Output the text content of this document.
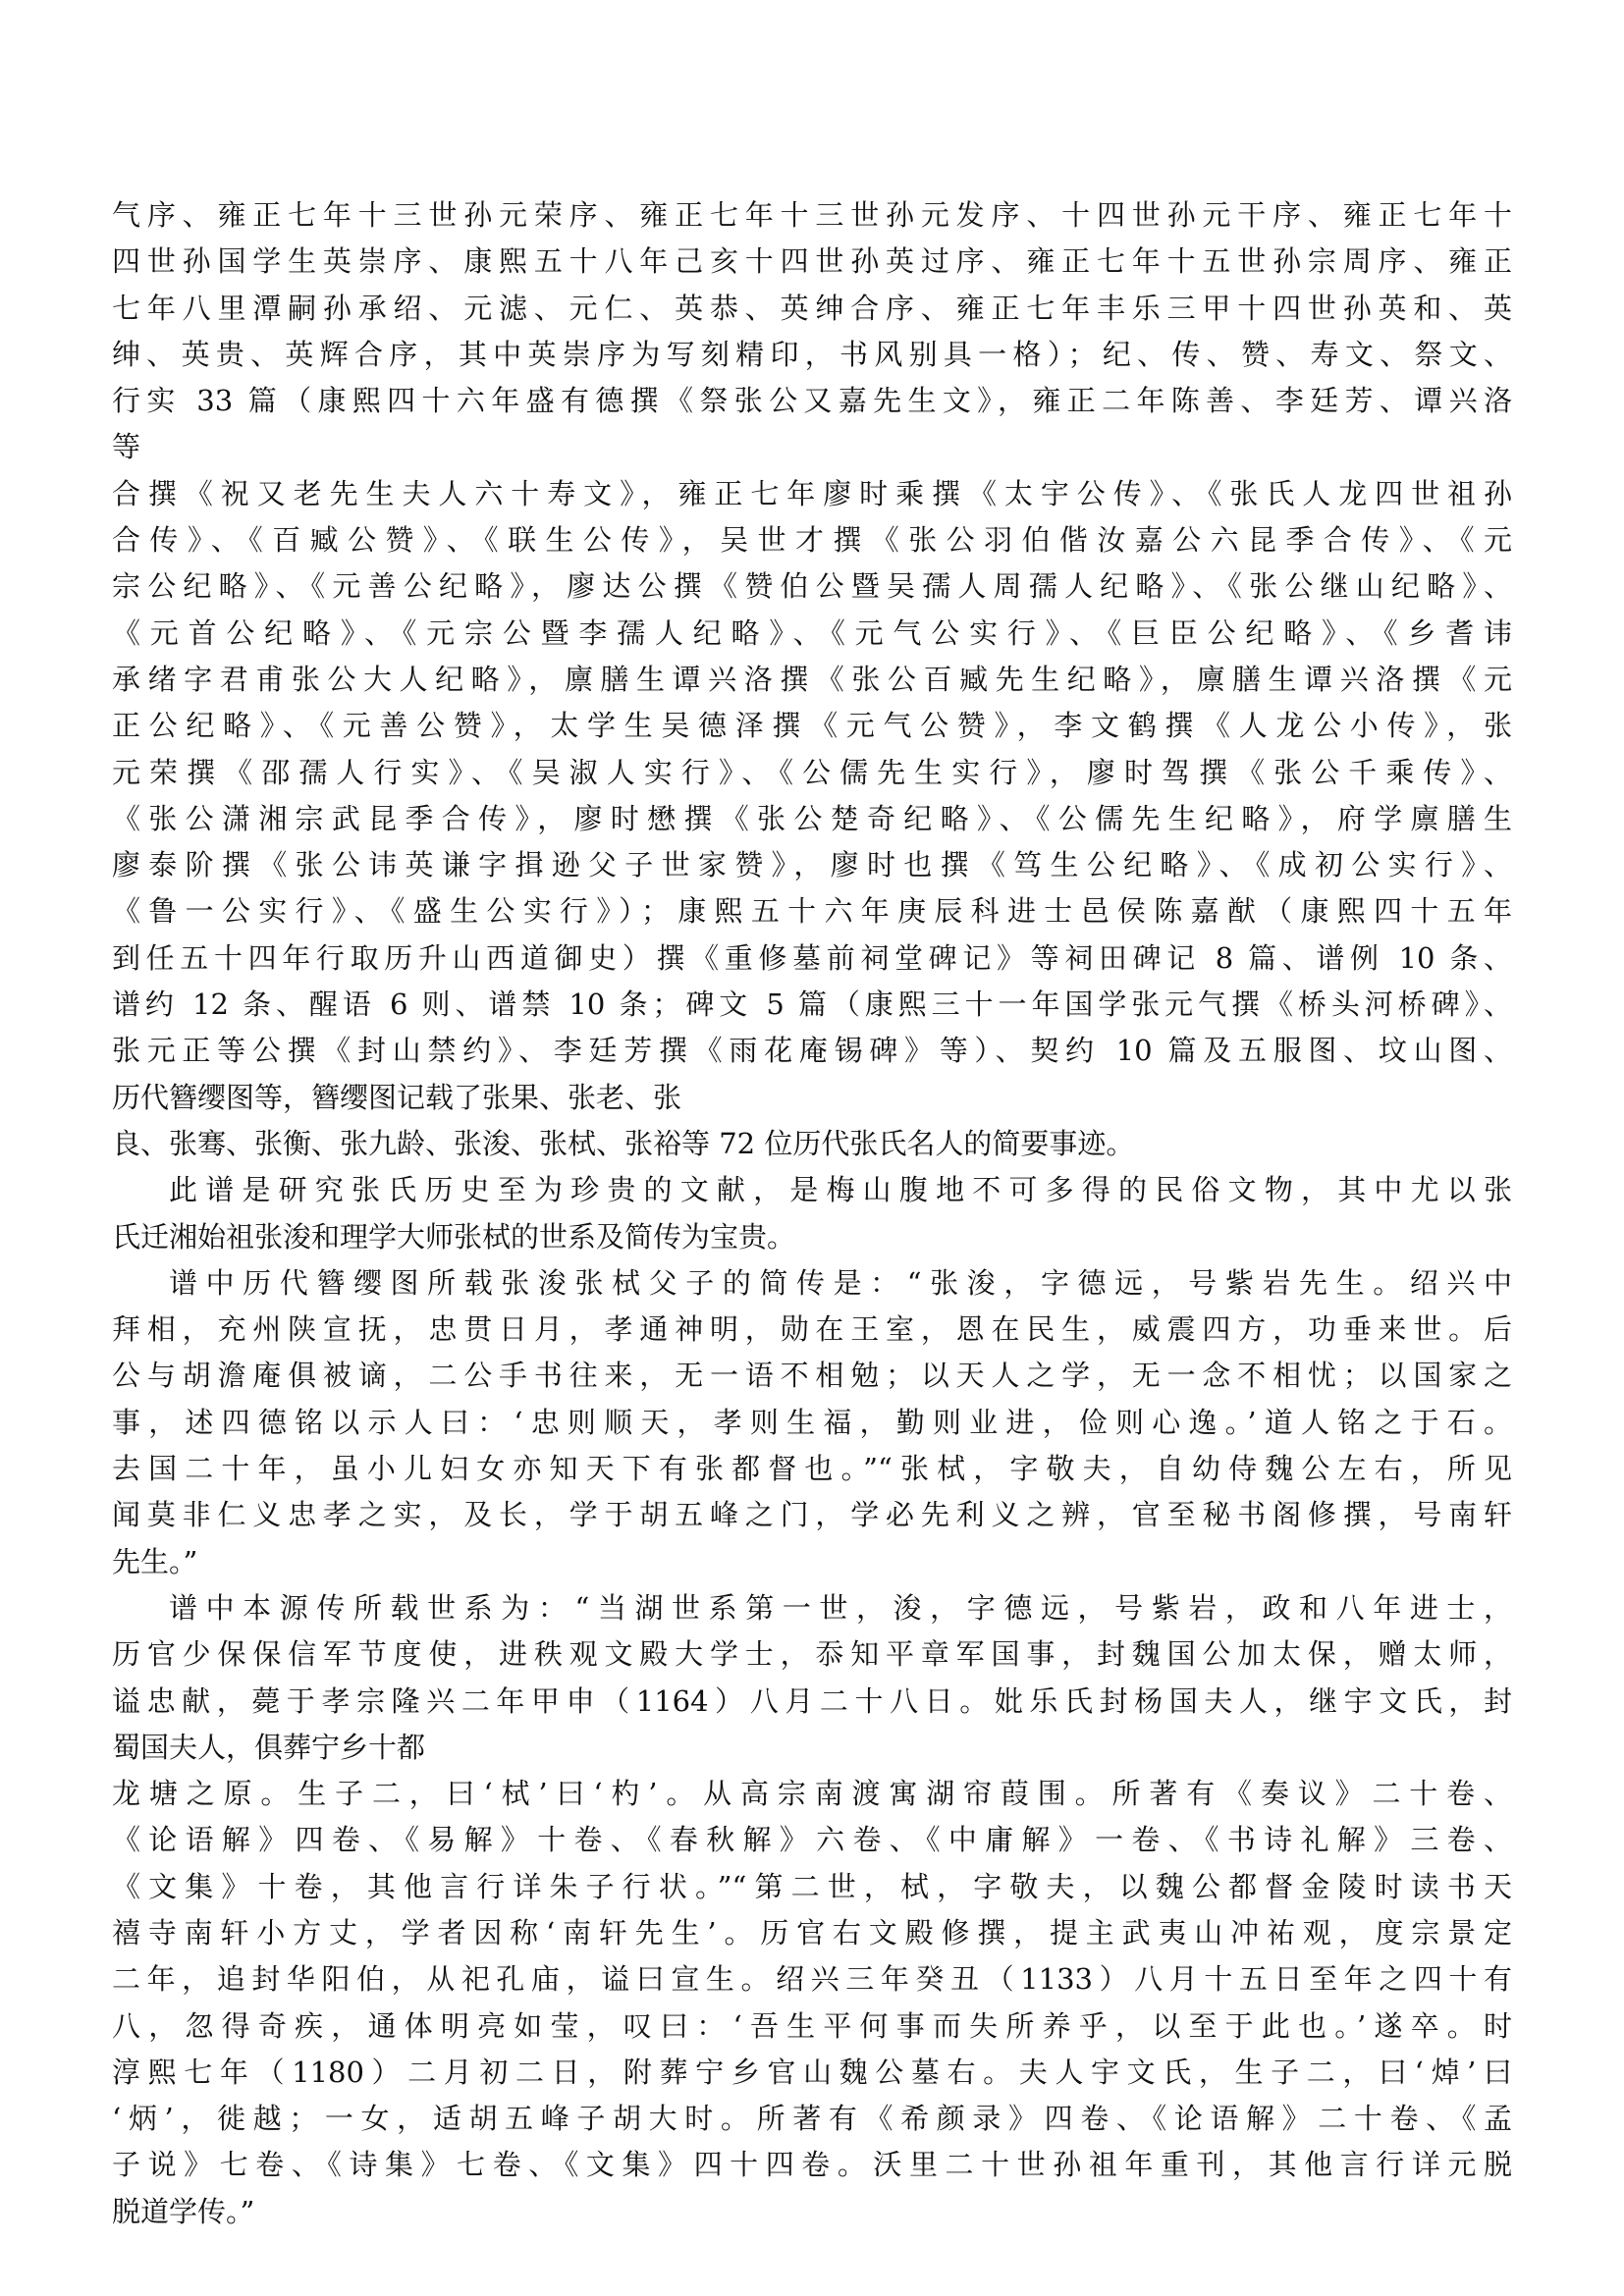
气序、雍正七年十三世孙元荣序、雍正七年十三世孙元发序、十四世孙元干序、雍正七年十
四世孙国学生英崇序、康熙五十八年己亥十四世孙英过序、雍正七年十五世孙宗周序、雍正
七年八里潭嗣孙承绍、元滤、元仁、英恭、英绅合序、雍正七年丰乐三甲十四世孙英和、英
绅、英贵、英辉合序，其中英崇序为写刻精印，书风别具一格）；纪、传、赞、寿文、祭文、
行实 33 篇（康熙四十六年盛有德撰《祭张公又嘉先生文》，雍正二年陈善、李廷芳、谭兴洛
等
合撰《祝又老先生夫人六十寿文》，雍正七年廖时乘撰《太宇公传》、《张氏人龙四世祖孙
合传》、《百臧公赞》、《联生公传》，吴世才撰《张公羽伯偕汝嘉公六昆季合传》、《元
宗公纪略》、《元善公纪略》，廖达公撰《赞伯公暨吴孺人周孺人纪略》、《张公继山纪略》、
《元首公纪略》、《元宗公暨李孺人纪略》、《元气公实行》、《巨臣公纪略》、《乡耆讳
承绪字君甫张公大人纪略》，廪膳生谭兴洛撰《张公百臧先生纪略》，廪膳生谭兴洛撰《元
正公纪略》、《元善公赞》，太学生吴德泽撰《元气公赞》，李文鹤撰《人龙公小传》，张
元荣撰《邵孺人行实》、《吴淑人实行》、《公儒先生实行》，廖时驾撰《张公千乘传》、
《张公潇湘宗武昆季合传》，廖时懋撰《张公楚奇纪略》、《公儒先生纪略》，府学廪膳生
廖泰阶撰《张公讳英谦字揖逊父子世家赞》，廖时也撰《笃生公纪略》、《成初公实行》、
《鲁一公实行》、《盛生公实行》）；康熙五十六年庚辰科进士邑侯陈嘉猷（康熙四十五年
到任五十四年行取历升山西道御史）撰《重修墓前祠堂碑记》等祠田碑记 8 篇、谱例 10 条、
谱约 12 条、醒语 6 则、谱禁 10 条；碑文 5 篇（康熙三十一年国学张元气撰《桥头河桥碑》、
张元正等公撰《封山禁约》、李廷芳撰《雨花庵锡碑》等）、契约 10 篇及五服图、坟山图、
历代簪缨图等，簪缨图记载了张果、张老、张
良、张骞、张衡、张九龄、张浚、张栻、张裕等 72 位历代张氏名人的简要事迹。
此谱是研究张氏历史至为珍贵的文献，是梅山腹地不可多得的民俗文物，其中尤以张
氏迁湘始祖张浚和理学大师张栻的世系及简传为宝贵。
谱中历代簪缨图所载张浚张栻父子的简传是：“张浚，字德远，号紫岩先生。绍兴中
拜相，充州陕宣抚，忠贯日月，孝通神明，勋在王室，恩在民生，威震四方，功垂来世。后
公与胡澹庵俱被谪，二公手书往来，无一语不相勉；以天人之学，无一念不相忧；以国家之
事，述四德铭以示人曰：‘忠则顺天，孝则生福，勤则业进，俭则心逸。’道人铭之于石。
去国二十年，虽小儿妇女亦知天下有张都督也。”“张栻，字敬夫，自幼侍魏公左右，所见
闻莫非仁义忠孝之实，及长，学于胡五峰之门，学必先利义之辨，官至秘书阁修撰，号南轩
先生。”
谱中本源传所载世系为：“当湖世系第一世，浚，字德远，号紫岩，政和八年进士，
历官少保保信军节度使，进秩观文殿大学士，忝知平章军国事，封魏国公加太保，赠太师，
谥忠献，薨于孝宗隆兴二年甲申（1164）八月二十八日。妣乐氏封杨国夫人，继宇文氏，封
蜀国夫人，俱葬宁乡十都
龙塘之原。生子二，曰‘栻’曰‘杓’。从高宗南渡寓湖帘葭围。所著有《奏议》二十卷、
《论语解》四卷、《易解》十卷、《春秋解》六卷、《中庸解》一卷、《书诗礼解》三卷、
《文集》十卷，其他言行详朱子行状。”“第二世，栻，字敬夫，以魏公都督金陵时读书天
禧寺南轩小方丈，学者因称‘南轩先生’。历官右文殿修撰，提主武夷山冲祐观，度宗景定
二年，追封华阳伯，从祀孔庙，谥曰宣生。绍兴三年癸丑（1133）八月十五日至年之四十有
八，忽得奇疾，通体明亮如莹，叹曰：‘吾生平何事而失所养乎，以至于此也。’遂卒。时
淳熙七年（1180）二月初二日，附葬宁乡官山魏公墓右。夫人宇文氏，生子二，曰‘焯’曰
‘炳’，徙越；一女，适胡五峰子胡大时。所著有《希颜录》四卷、《论语解》二十卷、《孟
子说》七卷、《诗集》七卷、《文集》四十四卷。沃里二十世孙祖年重刊，其他言行详元脱
脱道学传。”
